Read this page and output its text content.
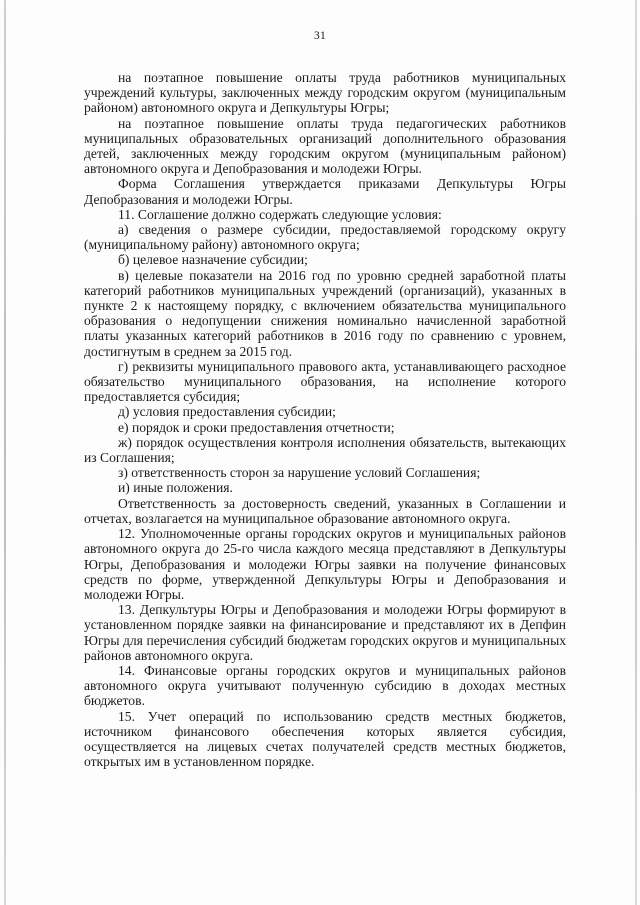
31

на поэтапное повышение оплаты труда работников муниципальных учреждений культуры, заключенных между городским округом (муниципальным районом) автономного округа и Депкультуры Югры;

на поэтапное повышение оплаты труда педагогических работников муниципальных образовательных организаций дополнительного образования детей, заключенных между городским округом (муниципальным районом) автономного округа и Депобразования и молодежи Югры.

Форма Соглашения утверждается приказами Депкультуры Югры Депобразования и молодежи Югры.

11. Соглашение должно содержать следующие условия:

а) сведения о размере субсидии, предоставляемой городскому округу (муниципальному району) автономного округа;

б) целевое назначение субсидии;

в) целевые показатели на 2016 год по уровню средней заработной платы категорий работников муниципальных учреждений (организаций), указанных в пункте 2 к настоящему порядку, с включением обязательства муниципального образования о недопущении снижения номинально начисленной заработной платы указанных категорий работников в 2016 году по сравнению с уровнем, достигнутым в среднем за 2015 год.

г) реквизиты муниципального правового акта, устанавливающего расходное обязательство муниципального образования, на исполнение которого предоставляется субсидия;

д) условия предоставления субсидии;

е) порядок и сроки предоставления отчетности;

ж) порядок осуществления контроля исполнения обязательств, вытекающих из Соглашения;

з) ответственность сторон за нарушение условий Соглашения;

и) иные положения.

Ответственность за достоверность сведений, указанных в Соглашении и отчетах, возлагается на муниципальное образование автономного округа.

12. Уполномоченные органы городских округов и муниципальных районов автономного округа до 25-го числа каждого месяца представляют в Депкультуры Югры, Депобразования и молодежи Югры заявки на получение финансовых средств по форме, утвержденной Депкультуры Югры и Депобразования и молодежи Югры.

13. Депкультуры Югры и Депобразования и молодежи Югры формируют в установленном порядке заявки на финансирование и представляют их в Депфин Югры для перечисления субсидий бюджетам городских округов и муниципальных районов автономного округа.

14. Финансовые органы городских округов и муниципальных районов автономного округа учитывают полученную субсидию в доходах местных бюджетов.

15. Учет операций по использованию средств местных бюджетов, источником финансового обеспечения которых является субсидия, осуществляется на лицевых счетах получателей средств местных бюджетов, открытых им в установленном порядке.
